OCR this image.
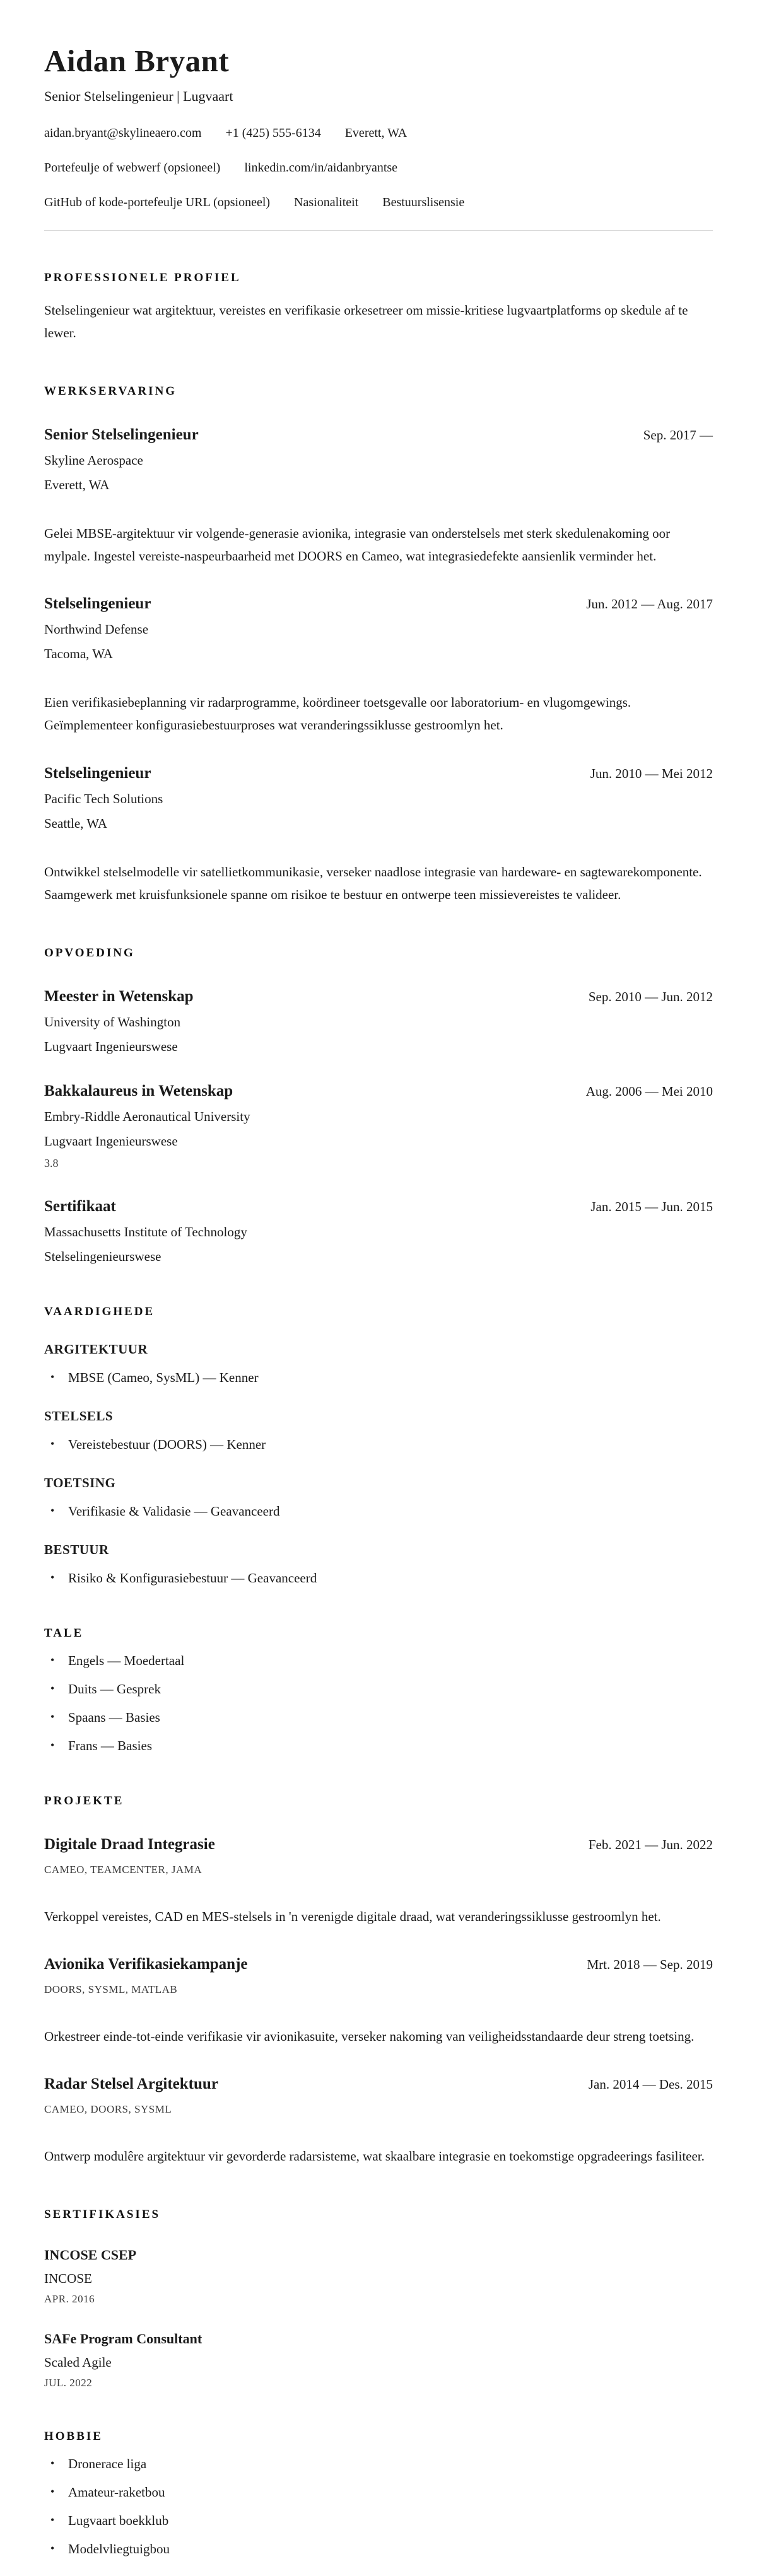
Aidan Bryant
Senior Stelselingenieur | Lugvaart
aidan.bryant@skylineaero.com +1 (425) 555-6134 Everett, WA
Portefeulje of webwerf (opsioneel) linkedin.com/in/aidanbryantse
GitHub of kode-portefeulje URL (opsioneel) Nasionaliteit Bestuurslisensie
PROFESSIONELE PROFIEL

Stelselingenieur wat argitektuur, vereistes en verifikasie orkesetreer om missie-kritiese lugvaartplatforms op skedule af te lewer.

WERKSERVARING
Senior Stelselingenieur	Sep. 2017 —
Skyline Aerospace
Everett, WA

Gelei MBSE-argitektuur vir volgende-generasie avionika, integrasie van onderstelsels met sterk skedulenakoming oor mylpale. Ingestel vereiste-naspeurbaarheid met DOORS en Cameo, wat integrasiedefekte aansienlik verminder het.

Stelselingenieur	Jun. 2012 — Aug. 2017
Northwind Defense
Tacoma, WA

Eien verifikasiebeplanning vir radarprogramme, koördineer toetsgevalle oor laboratorium- en vlugomgewings. Geïmplementeer konfigurasiebestuurproses wat veranderingssiklusse gestroomlyn het.

Stelselingenieur	Jun. 2010 — Mei 2012
Pacific Tech Solutions
Seattle, WA

Ontwikkel stelselmodelle vir satellietkommunikasie, verseker naadlose integrasie van hardeware- en sagtewarekomponente. Saamgewerk met kruisfunksionele spanne om risikoe te bestuur en ontwerpe teen missievereistes te valideer.

OPVOEDING
Meester in Wetenskap	Sep. 2010 — Jun. 2012
University of Washington
Lugvaart Ingenieurswese
Bakkalaureus in Wetenskap	Aug. 2006 — Mei 2010
Embry-Riddle Aeronautical University
Lugvaart Ingenieurswese
3.8
Sertifikaat	Jan. 2015 — Jun. 2015
Massachusetts Institute of Technology
Stelselingenieurswese
VAARDIGHEDE
ARGITEKTUUR
• MBSE (Cameo, SysML) — Kenner
STELSELS
• Vereistebestuur (DOORS) — Kenner
TOETSING
• Verifikasie & Validasie — Geavanceerd
BESTUUR
• Risiko & Konfigurasiebestuur — Geavanceerd
TALE
• Engels — Moedertaal
• Duits — Gesprek
• Spaans — Basies
• Frans — Basies
PROJEKTE
Digitale Draad Integrasie	Feb. 2021 — Jun. 2022
CAMEO, TEAMCENTER, JAMA

Verkoppel vereistes, CAD en MES-stelsels in 'n verenigde digitale draad, wat veranderingssiklusse gestroomlyn het.

Avionika Verifikasiekampanje	Mrt. 2018 — Sep. 2019
DOORS, SYSML, MATLAB

Orkestreer einde-tot-einde verifikasie vir avionikasuite, verseker nakoming van veiligheidsstandaarde deur streng toetsing.

Radar Stelsel Argitektuur	Jan. 2014 — Des. 2015
CAMEO, DOORS, SYSML

Ontwerp modulêre argitektuur vir gevorderde radarsisteme, wat skaalbare integrasie en toekomstige opgradeerings fasiliteer.

SERTIFIKASIES
INCOSE CSEP
INCOSE
APR. 2016
SAFe Program Consultant
Scaled Agile
JUL. 2022
HOBBIE
• Dronerace liga
• Amateur-raketbou
• Lugvaart boekklub
• Modelvliegtuigbou
